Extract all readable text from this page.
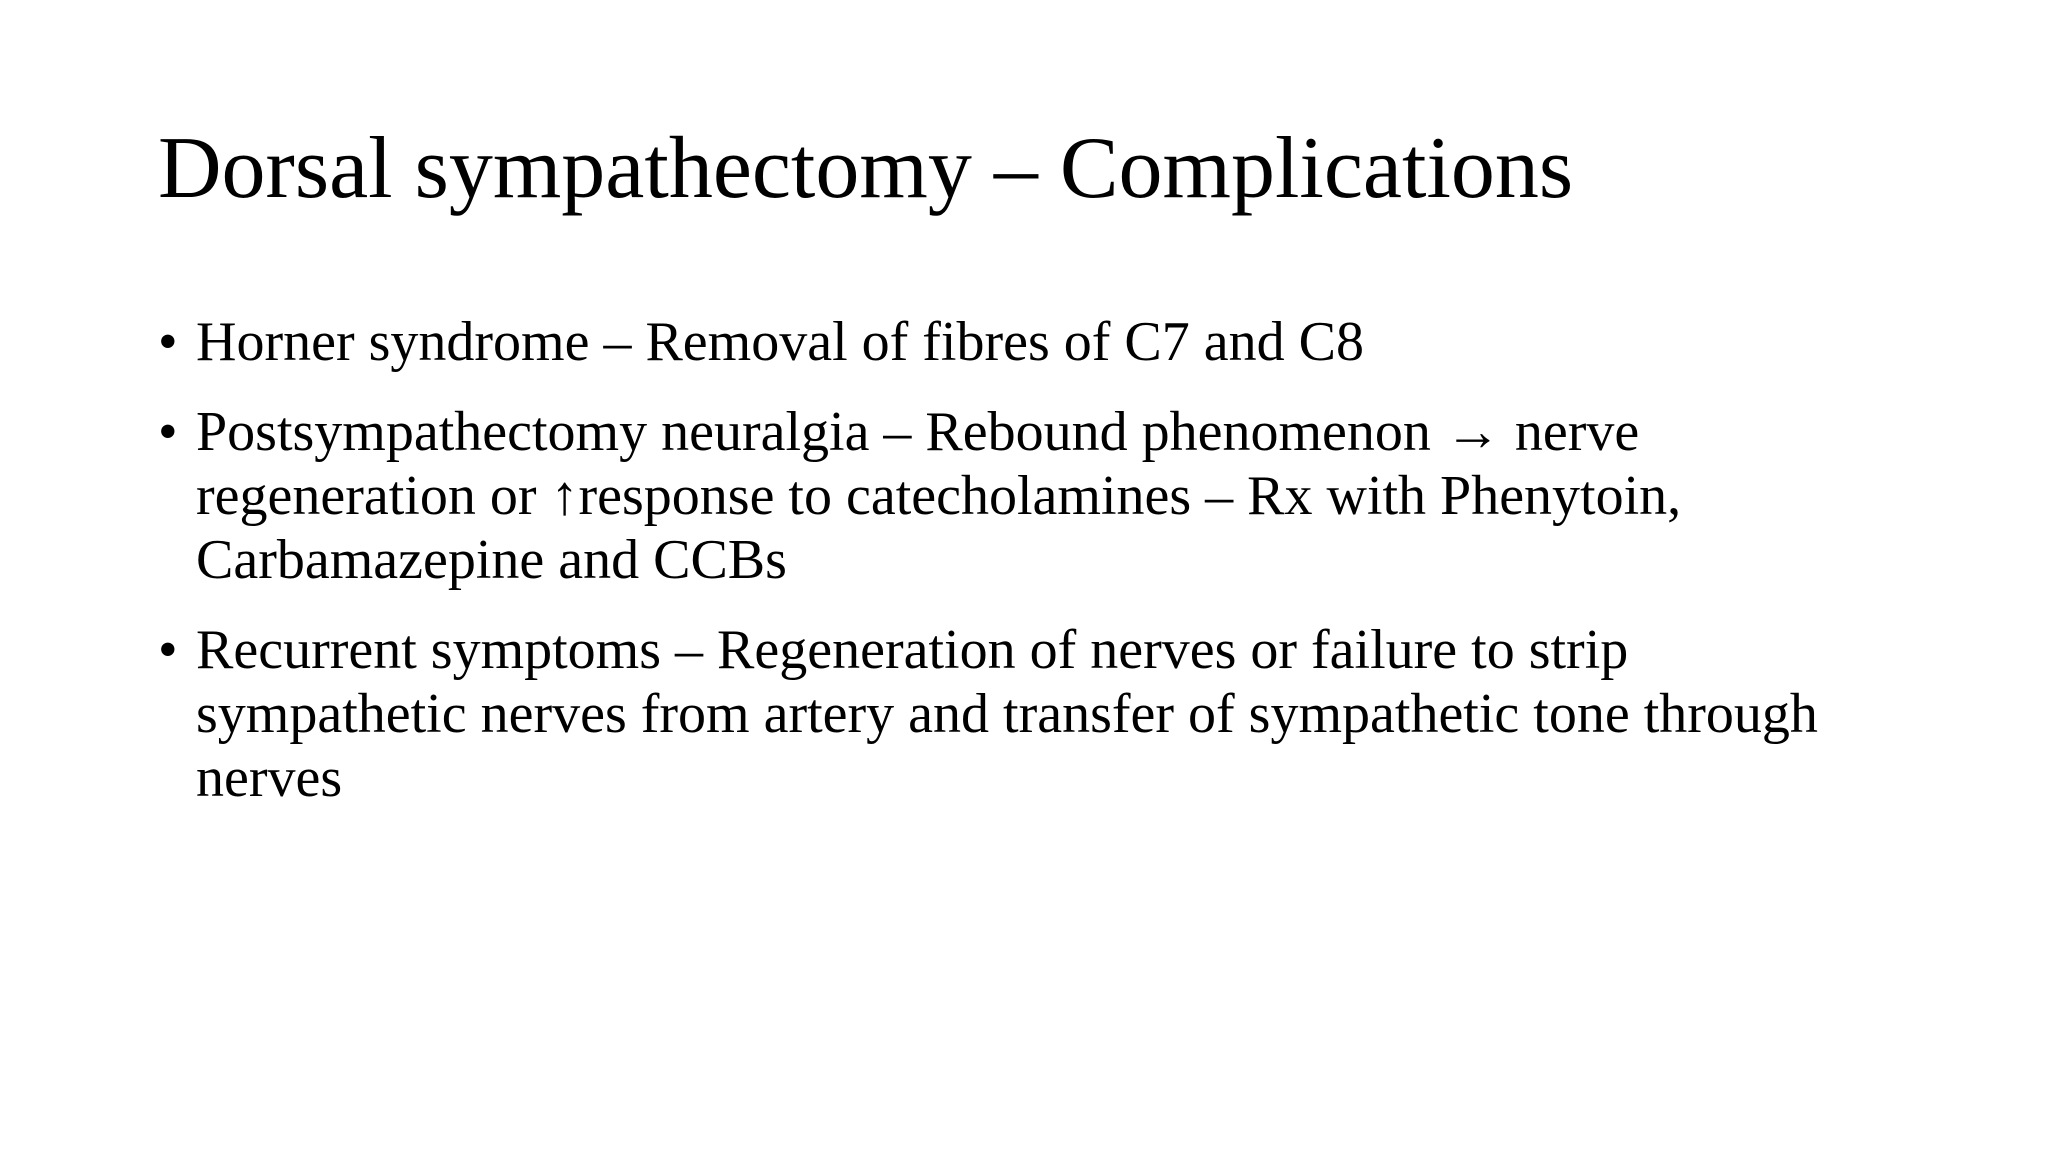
Dorsal sympathectomy – Complications
• Horner syndrome – Removal of fibres of C7 and C8
• Postsympathectomy neuralgia – Rebound phenomenon → nerve regeneration or ↑response to catecholamines – Rx with Phenytoin, Carbamazepine and CCBs
• Recurrent symptoms – Regeneration of nerves or failure to strip sympathetic nerves from artery and transfer of sympathetic tone through nerves
